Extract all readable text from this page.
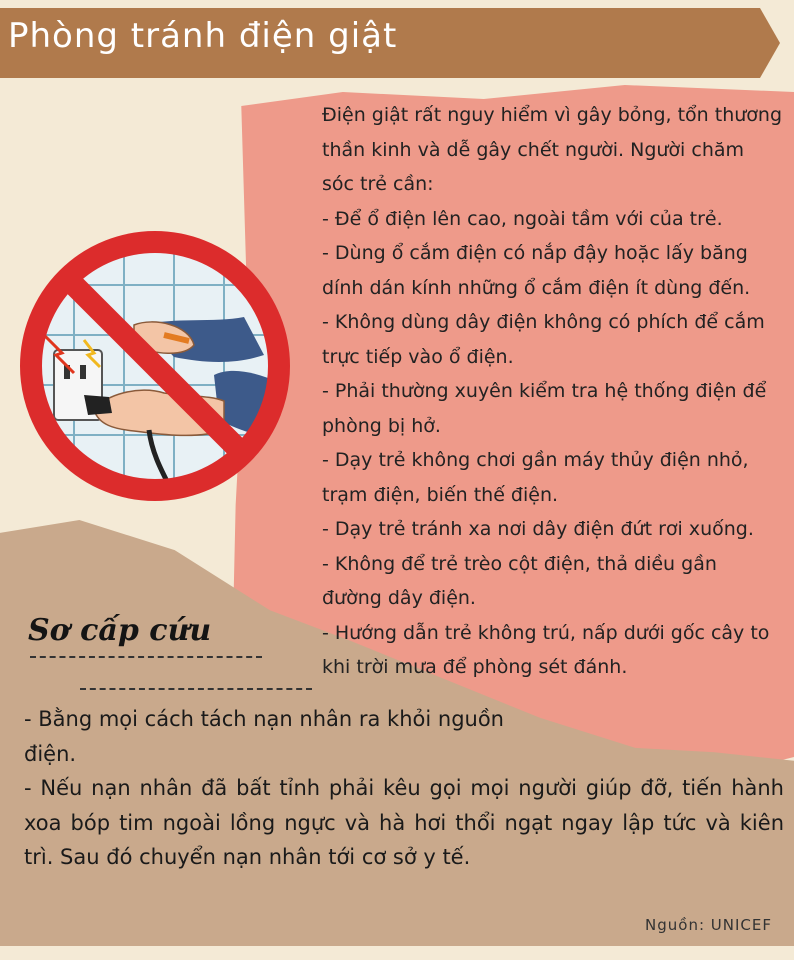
Phòng tránh điện giật
Điện giật rất nguy hiểm vì gây bỏng, tổn thương thần kinh và dễ gây chết người. Người chăm sóc trẻ cần:
- Để ổ điện lên cao, ngoài tầm với của trẻ.
- Dùng ổ cắm điện có nắp đậy hoặc lấy băng dính dán kính những ổ cắm điện ít dùng đến.
- Không dùng dây điện không có phích để cắm trực tiếp vào ổ điện.
- Phải thường xuyên kiểm tra hệ thống điện để phòng bị hở.
- Dạy trẻ không chơi gần máy thủy điện nhỏ, trạm điện, biến thế điện.
- Dạy trẻ tránh xa nơi dây điện đứt rơi xuống.
- Không để trẻ trèo cột điện, thả diều gần đường dây điện.
- Hướng dẫn trẻ không trú, nấp dưới gốc cây to
khi trời mưa để phòng sét đánh.
Sơ cấp cứu
- Bằng mọi cách tách nạn nhân ra khỏi nguồn điện.
- Nếu nạn nhân đã bất tỉnh phải kêu gọi mọi người giúp đỡ, tiến hành xoa bóp tim ngoài lồng ngực và hà hơi thổi ngạt ngay lập tức và kiên trì. Sau đó chuyển nạn nhân tới cơ sở y tế.
Nguồn: UNICEF
